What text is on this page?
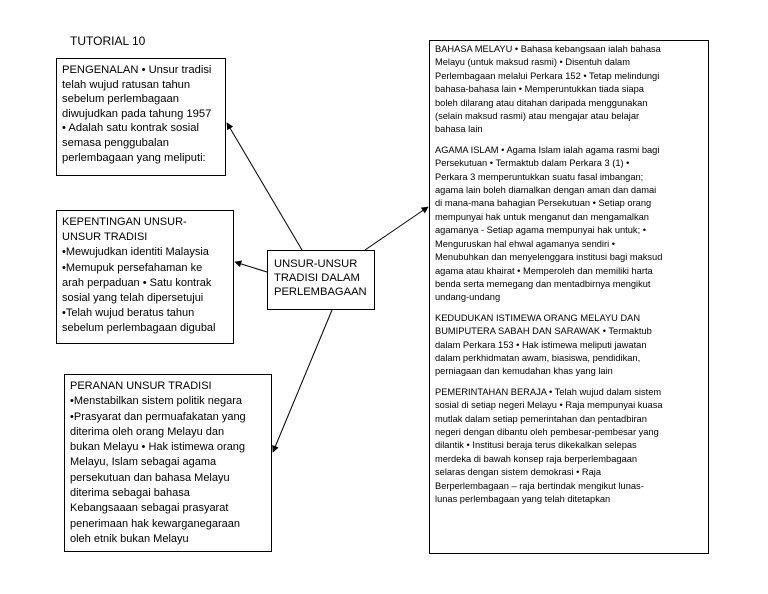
TUTORIAL 10
PENGENALAN • Unsur tradisi
telah wujud ratusan tahun
sebelum perlembagaan
diwujudkan pada tahung 1957
• Adalah satu kontrak sosial
semasa penggubalan
perlembagaan yang meliputi:
KEPENTINGAN UNSUR-
UNSUR TRADISI
•Mewujudkan identiti Malaysia
•Memupuk persefahaman ke
arah perpaduan • Satu kontrak
sosial yang telah dipersetujui
•Telah wujud beratus tahun
sebelum perlembagaan digubal
PERANAN UNSUR TRADISI
•Menstabilkan sistem politik negara
•Prasyarat dan permuafakatan yang
diterima oleh orang Melayu dan
bukan Melayu • Hak istimewa orang
Melayu, Islam sebagai agama
persekutuan dan bahasa Melayu
diterima sebagai bahasa
Kebangsaaan sebagai prasyarat
penerimaan hak kewarganegaraan
oleh etnik bukan Melayu
UNSUR-UNSUR
TRADISI DALAM
PERLEMBAGAAN
BAHASA MELAYU • Bahasa kebangsaan ialah bahasa
Melayu (untuk maksud rasmi) • Disentuh dalam
Perlembagaan melalui Perkara 152 • Tetap melindungi
bahasa-bahasa lain • Memperuntukkan tiada siapa
boleh dilarang atau ditahan daripada menggunakan
(selain maksud rasmi) atau mengajar atau belajar
bahasa lain
AGAMA ISLAM • Agama Islam ialah agama rasmi bagi
Persekutuan • Termaktub dalam Perkara 3 (1) •
Perkara 3 memperuntukkan suatu fasal imbangan;
agama lain boleh diamalkan dengan aman dan damai
di mana-mana bahagian Persekutuan • Setiap orang
mempunyai hak untuk menganut dan mengamalkan
agamanya - Setiap agama mempunyai hak untuk; •
Menguruskan hal ehwal agamanya sendiri •
Menubuhkan dan menyelenggara institusi bagi maksud
agama atau khairat • Memperoleh dan memiliki harta
benda serta memegang dan mentadbirnya mengikut
undang-undang
KEDUDUKAN ISTIMEWA ORANG MELAYU DAN
BUMIPUTERA SABAH DAN SARAWAK • Termaktub
dalam Perkara 153 • Hak istimewa meliputi jawatan
dalam perkhidmatan awam, biasiswa, pendidikan,
perniagaan dan kemudahan khas yang lain
PEMERINTAHAN BERAJA • Telah wujud dalam sistem
sosial di setiap negeri Melayu • Raja mempunyai kuasa
mutlak dalam setiap pemerintahan dan pentadbiran
negeri dengan dibantu oleh pembesar-pembesar yang
dilantik • Institusi beraja terus dikekalkan selepas
merdeka di bawah konsep raja berperlembagaan
selaras dengan sistem demokrasi • Raja
Berperlembagaan – raja bertindak mengikut lunas-
lunas perlembagaan yang telah ditetapkan
